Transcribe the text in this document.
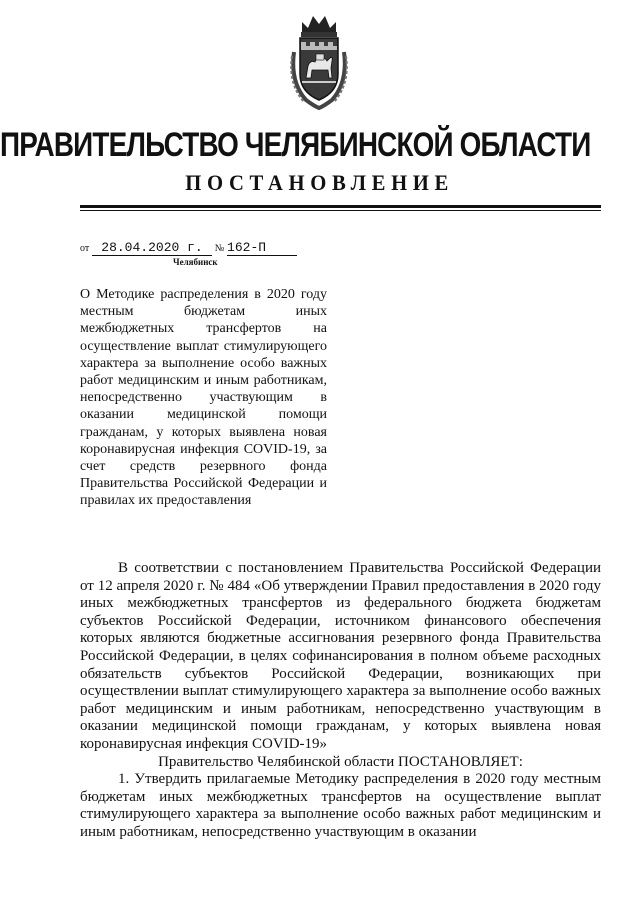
ПРАВИТЕЛЬСТВО ЧЕЛЯБИНСКОЙ ОБЛАСТИ
ПОСТАНОВЛЕНИЕ
от 28.04.2020 г. № 162-П
Челябинск
О Методике распределения в 2020 году местным бюджетам иных межбюджетных трансфертов на осуществление выплат стимулирующего характера за выполнение особо важных работ медицинским и иным работникам, непосредственно участвующим в оказании медицинской помощи гражданам, у которых выявлена новая коронавирусная инфекция COVID-19, за счет средств резервного фонда Правительства Российской Федерации и правилах их предоставления

В соответствии с постановлением Правительства Российской Федерации от 12 апреля 2020 г. № 484 «Об утверждении Правил предоставления в 2020 году иных межбюджетных трансфертов из федерального бюджета бюджетам субъектов Российской Федерации, источником финансового обеспечения которых являются бюджетные ассигнования резервного фонда Правительства Российской Федерации, в целях софинансирования в полном объеме расходных обязательств субъектов Российской Федерации, возникающих при осуществлении выплат стимулирующего характера за выполнение особо важных работ медицинским и иным работникам, непосредственно участвующим в оказании медицинской помощи гражданам, у которых выявлена новая коронавирусная инфекция COVID-19»

Правительство Челябинской области ПОСТАНОВЛЯЕТ:

1. Утвердить прилагаемые Методику распределения в 2020 году местным бюджетам иных межбюджетных трансфертов на осуществление выплат стимулирующего характера за выполнение особо важных работ медицинским и иным работникам, непосредственно участвующим в оказании
